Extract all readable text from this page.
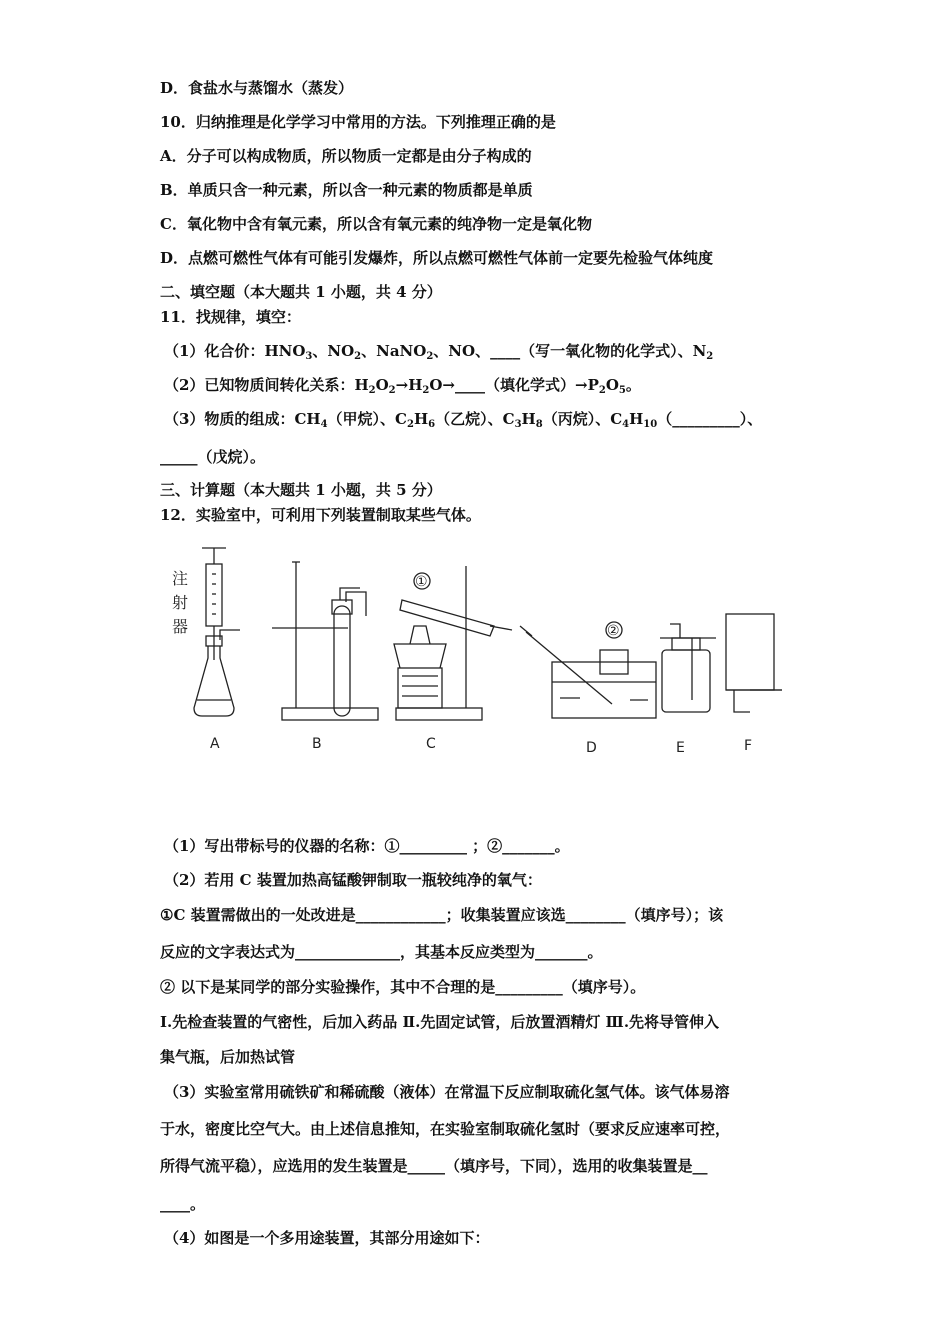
D．食盐水与蒸馏水（蒸发）
10．归纳推理是化学学习中常用的方法。下列推理正确的是
A．分子可以构成物质，所以物质一定都是由分子构成的
B．单质只含一种元素，所以含一种元素的物质都是单质
C．氧化物中含有氧元素，所以含有氧元素的纯净物一定是氧化物
D．点燃可燃性气体有可能引发爆炸，所以点燃可燃性气体前一定要先检验气体纯度
二、填空题（本大题共 1 小题，共 4 分）
11．找规律，填空：
（1）化合价：$HNO_3$、$NO_2$、NaNO$_2$、NO、____（写一氧化物的化学式）、$N_2$
（2）已知物质间转化关系：$H_2O_2\to H_2O\to\_\_\_\_$（填化学式）$\to P_2O_5$。
（3）物质的组成：$CH_4$（甲烷）、$C_2H_6$（乙烷）、$C_3H_8$（丙烷）、$C_4H_{10}(\_\_\_\_\_\_\_\_\_)$、
_____（戊烷）。
三、计算题（本大题共 1 小题，共 5 分）
12．实验室中，可利用下列装置制取某些气体。
注
射
器
A	B
①
C
②
D	E	F
（1）写出带标号的仪器的名称：①_________ ；②_______。
（2）若用 C 装置加热高锰酸钾制取一瓶较纯净的氧气：
①C 装置需做出的一处改进是____________；收集装置应该选________（填序号）；该
反应的文字表达式为______________，其基本反应类型为_______。
② 以下是某同学的部分实验操作，其中不合理的是_________（填序号）。
Ⅰ.先检查装置的气密性，后加入药品 Ⅱ.先固定试管，后放置酒精灯 Ⅲ.先将导管伸入
集气瓶，后加热试管
（3）实验室常用硫铁矿和稀硫酸（液体）在常温下反应制取硫化氢气体。该气体易溶
于水，密度比空气大。由上述信息推知，在实验室制取硫化氢时（要求反应速率可控，
所得气流平稳），应选用的发生装置是_____（填序号，下同），选用的收集装置是__
____。
（4）如图是一个多用途装置，其部分用途如下：
